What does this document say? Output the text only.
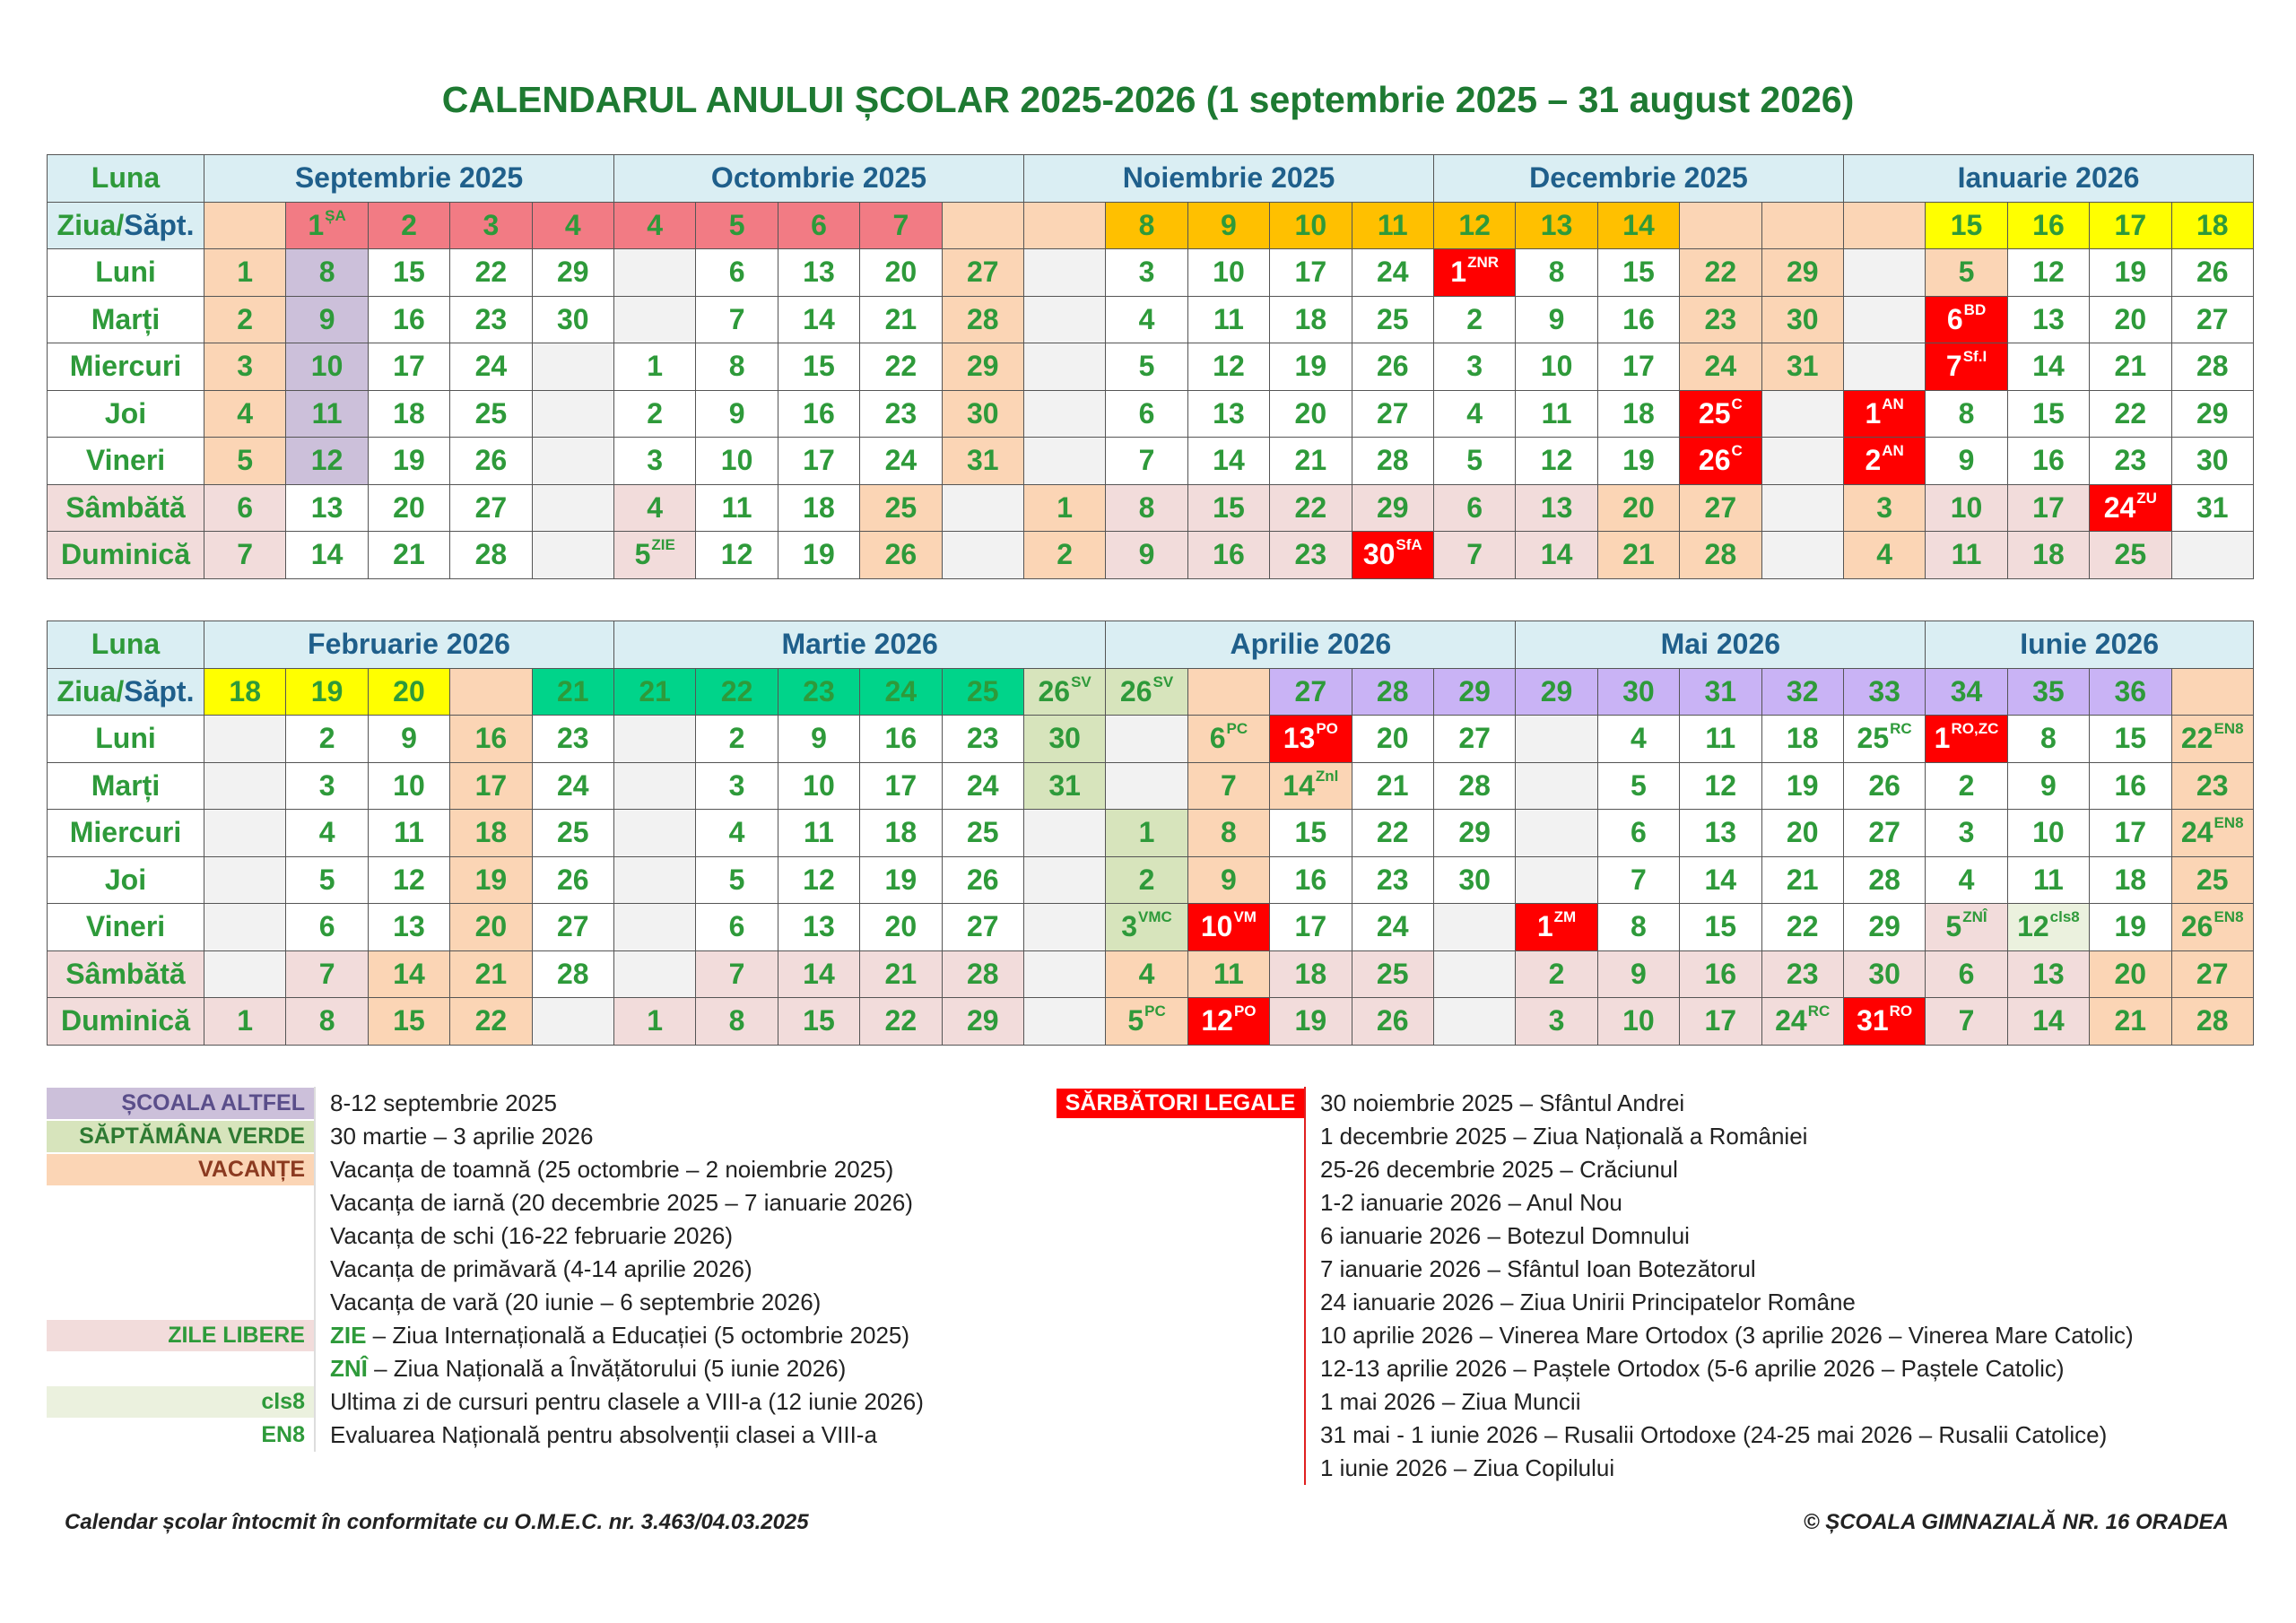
CALENDARUL ANULUI ȘCOLAR 2025-2026 (1 septembrie 2025 – 31 august 2026)
Luna	Septembrie 2025					Octombrie 2025					Noiembrie 2025					Decembrie 2025					Ianuarie 2026				
Ziua/Săpt.		$1^{ȘA}$	2	3	4	4	5	6	7			8	9	10	11	12	13	14				15	16	17	18
Luni	1	8	15	22	29		6	13	20	27		3	10	17	24	$1^{ZNR}$	8	15	22	29		5	12	19	26
Marți	2	9	16	23	30		7	14	21	28		4	11	18	25	2	9	16	23	30		$6^{BD}$	13	20	27
Miercuri	3	10	17	24		1	8	15	22	29		5	12	19	26	3	10	17	24	31		$7^{Sf.I}$	14	21	28
Joi	4	11	18	25		2	9	16	23	30		6	13	20	27	4	11	18	$25^C$		$1^{AN}$	8	15	22	29
Vineri	5	12	19	26		3	10	17	24	31		7	14	21	28	5	12	19	$26^C$		$2^{AN}$	9	16	23	30
Sâmbătă	6	13	20	27		4	11	18	25		1	8	15	22	29	6	13	20	27		3	10	17	$24^{ZU}$	31
Duminică	7	14	21	28		$5^{ZIE}$	12	19	26		2	9	16	23	$30^{SfA}$	7	14	21	28		4	11	18	25	
Luna	Februarie 2026					Martie 2026						Aprilie 2026					Mai 2026					Iunie 2026			
Ziua/Săpt.	18	19	20		21	21	22	23	24	25	$26^{SV}$	$26^{SV}$		27	28	29	29	30	31	32	33	34	35	36	
Luni		2	9	16	23		2	9	16	23	30		$6^{PC}$	$13^{PO}$	20	27		4	11	18	$25^{RC}$	$1^{RO,ZC}$	8	15	$22^{EN8}$
Marți		3	10	17	24		3	10	17	24	31		7	$14^{Znl}$	21	28		5	12	19	26	2	9	16	23
Miercuri		4	11	18	25		4	11	18	25		1	8	15	22	29		6	13	20	27	3	10	17	$24^{EN8}$
Joi		5	12	19	26		5	12	19	26		2	9	16	23	30		7	14	21	28	4	11	18	25
Vineri		6	13	20	27		6	13	20	27		$3^{VMC}$	$10^{VM}$	17	24		$1^{ZM}$	8	15	22	29	$5^{ZNÎ}$	$12^{cls8}$	19	$26^{EN8}$
Sâmbătă		7	14	21	28		7	14	21	28		4	11	18	25		2	9	16	23	30	6	13	20	27
Duminică	1	8	15	22		1	8	15	22	29		$5^{PC}$	$12^{PO}$	19	26		3	10	17	$24^{RC}$	$31^{RO}$	7	14	21	28
ȘCOALA ALTFEL	8-12 septembrie 2025
SĂPTĂMÂNA VERDE	30 martie – 3 aprilie 2026
VACANȚE	Vacanța de toamnă (25 octombrie – 2 noiembrie 2025)
Vacanța de iarnă (20 decembrie 2025 – 7 ianuarie 2026)
Vacanța de schi (16-22 februarie 2026)
Vacanța de primăvară (4-14 aprilie 2026)
Vacanța de vară (20 iunie – 6 septembrie 2026)
ZILE LIBERE	ZIE – Ziua Internațională a Educației (5 octombrie 2025)
ZNÎ – Ziua Națională a Învățătorului (5 iunie 2026)
cls8	Ultima zi de cursuri pentru clasele a VIII-a (12 iunie 2026)
EN8	Evaluarea Națională pentru absolvenții clasei a VIII-a
SĂRBĂTORI LEGALE	30 noiembrie 2025 – Sfântul Andrei
1 decembrie 2025 – Ziua Națională a României
25-26 decembrie 2025 – Crăciunul
1-2 ianuarie 2026 – Anul Nou
6 ianuarie 2026 – Botezul Domnului
7 ianuarie 2026 – Sfântul Ioan Botezătorul
24 ianuarie 2026 – Ziua Unirii Principatelor Române
10 aprilie 2026 – Vinerea Mare Ortodox (3 aprilie 2026 – Vinerea Mare Catolic)
12-13 aprilie 2026 – Paștele Ortodox (5-6 aprilie 2026 – Paștele Catolic)
1 mai 2026 – Ziua Muncii
31 mai - 1 iunie 2026 – Rusalii Ortodoxe (24-25 mai 2026 – Rusalii Catolice)
1 iunie 2026 – Ziua Copilului
Calendar școlar întocmit în conformitate cu O.M.E.C. nr. 3.463/04.03.2025	© ȘCOALA GIMNAZIALĂ NR. 16 ORADEA
